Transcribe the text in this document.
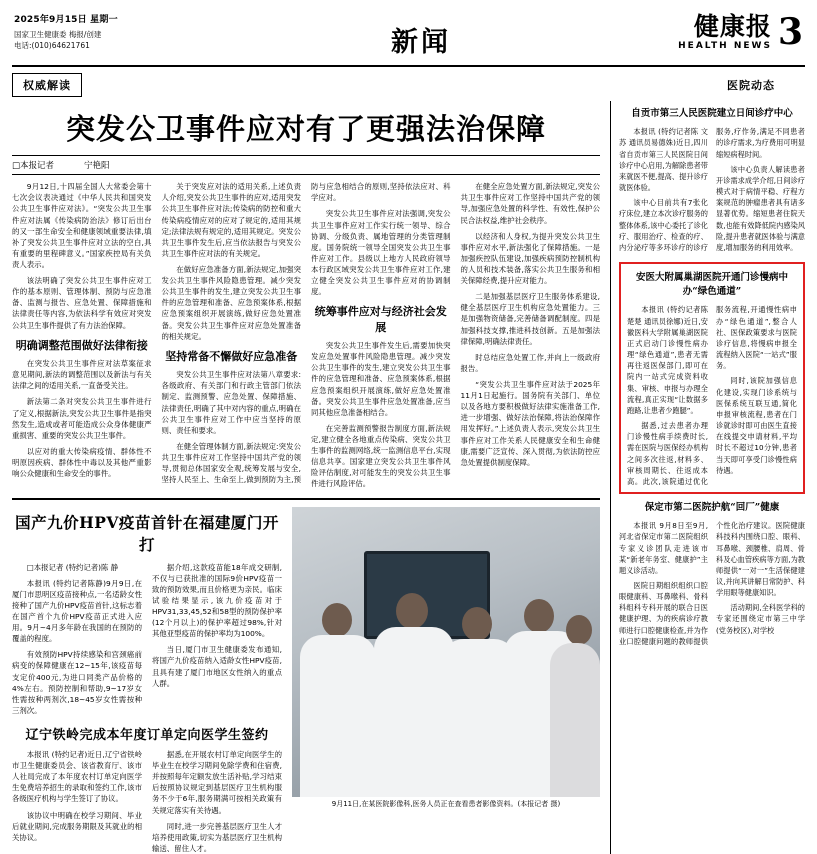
2025年9月15日 星期一
国家卫生健康委 梅报/创建
电话:(010)64621761	新闻
健康报
HEALTH NEWS 3
权威解读	医院动态
突发公卫事件应对有了更强法治保障
□本报记者	宁艳阳

9月12日,十四届全国人大常委会第十七次会议表决通过《中华人民共和国突发公共卫生事件应对法》。“突发公共卫生事件应对法属《传染病防治法》修订后出台的又一部生命安全和健康领域重要法律,填补了突发公共卫生事件应对立法的空白,具有重要的里程碑意义。”国家疾控局有关负责人表示。

该法明确了突发公共卫生事件应对工作的基本原则、管理体制、预防与应急准备、监测与报告、应急处置、保障措施和法律责任等内容,为依法科学有效应对突发公共卫生事件提供了有力法治保障。

明确调整范围做好法律衔接

在突发公共卫生事件应对法草案征求意见期间,新法的调整范围以及新法与有关法律之间的适用关系,一直备受关注。

新法第二条对突发公共卫生事件进行了定义,根据新法,突发公共卫生事件是指突然发生,造成或者可能造成公众身体健康严重损害、重要的突发公共卫生事件。

以应对的重大传染病疫情、群体性不明原因疾病、群体性中毒以及其他严重影响公众健康和生命安全的事件。

关于突发应对法的适用关系,上述负责人介绍,突发公共卫生事件的应对,适用突发公共卫生事件应对法;传染病的防控和重大传染病疫情应对的应对了规定的,适用其规定;法律法规有规定的,适用其规定。突发公共卫生事件发生后,应当依法报告与突发公共卫生事件应对法的有关规定。

在做好应急准备方面,新法规定,加强突发公共卫生事件风险隐患管理。减少突发公共卫生事件的发生,建立突发公共卫生事件的应急管理和准备、应急预案体系,根据应急预案组织开展演练,做好应急处置准备。突发公共卫生事件应对应急处置准备的相关规定。

坚持常备不懈做好应急准备

突发公共卫生事件应对法第八章要求:各级政府、有关部门和行政主管部门依法制定、监测预警、应急处置、保障措施、法律责任,明确了其中对内容的重点,明确在公共卫生事件应对工作中应当坚持的原则、责任和要求。

在健全管理体制方面,新法规定:突发公共卫生事件应对工作坚持中国共产党的领导,贯彻总体国家安全观,统筹发展与安全,坚持人民至上、生命至上,做到预防为主,预防与应急相结合的原则,坚持依法应对、科学应对。

突发公共卫生事件应对法强调,突发公共卫生事件应对工作实行统一领导、综合协调、分级负责、属地管理的分类管理制度。国务院统一领导全国突发公共卫生事件应对工作。县级以上地方人民政府领导本行政区域突发公共卫生事件应对工作,建立健全突发公共卫生事件应对的协调制度。

统筹事件应对与经济社会发展

突发公共卫生事件发生后,需要加快突发应急处置事件风险隐患管理。减少突发公共卫生事件的发生,建立突发公共卫生事件的应急管理和准备、应急预案体系,根据应急预案组织开展演练,做好应急处置准备。突发公共卫生事件应急处置准备,应当同其他应急准备相结合。

在完善监测预警报告制度方面,新法规定,建立健全各地重点传染病、突发公共卫生事件的监测网络,统一监测信息平台,实现信息共享。国家建立突发公共卫生事件风险评估制度,对可能发生的突发公共卫生事件进行风险评估。

在健全应急处置方面,新法规定,突发公共卫生事件应对工作坚持中国共产党的领导,加强应急处置的科学性、有效性,保护公民合法权益,维护社会秩序。

以经济和人身权,为提升突发公共卫生事件应对水平,新法强化了保障措施。一是加强疾控队伍建设,加强疾病预防控制机构的人员和技术装备,落实公共卫生服务和相关保障经费,提升应对能力。

二是加强基层医疗卫生服务体系建设,健全基层医疗卫生机构应急处置能力。三是加强物资储备,完善储备调配制度。四是加强科技支撑,推进科技创新。五是加强法律保障,明确法律责任。

时总结应急处置工作,并向上一级政府报告。

“突发公共卫生事件应对法于2025年11月1日起施行。国务院有关部门、单位以及各地方要积极做好法律实施准备工作,进一步增强、做好法治保障,将法治保障作用发挥好。”上述负责人表示,突发公共卫生事件应对工作关系人民健康安全和生命健康,需要广泛宣传、深入贯彻,为依法防控应急处置提供制度保障。

国产九价HPV疫苗首针在福建厦门开打

□本报记者 (特约记者)陈 静

本报讯 (特约记者陈静)9月9日,在厦门市思明区疫苗接种点,一名适龄女性接种了国产九价HPV疫苗首针,这标志着在国产首个九价HPV疫苗正式进入应用。9月~4月多年龄在我国的在预防的覆盖的程度。

有效预防HPV持续感染和宫颈癌前病变的保障健康在12~15年,该疫苗每支定价400元,为进口同类产品价格的4%左右。预防控制和帮助,9~17岁女性需按种两剂次,18~45岁女性需按种三剂次。

据介绍,这款疫苗能18年成交研制,不仅与已获批准的国际9价HPV疫苗一致的预防效果,而且价格更为亲民。临床试验结果显示,该九价疫苗对于HPV31,33,45,52和58型的预防保护率(12个月以上)的保护率超过98%,针对其他亚型疫苗的保护率均为100%。

当日,厦门市卫生健康委发布通知,将国产九价疫苗纳入适龄女性HPV疫苗,且具有建了厦门市地区女性纳入的重点人群。

辽宁铁岭完成本年度订单定向医学生签约

本报讯 (特约记者)近日,辽宁省铁岭市卫生健康委员会、该省教育厅、该市人社局完成了本年度农村订单定向医学生免费培养招生的录取和签约工作,该市各级医疗机构与学生签订了协议。

该协议中明确在校学习期间、毕业后就业期间,完成服务期限及其就业的相关协议。

据悉,在开展农村订单定向医学生的毕业生在校学习期间免除学费和住宿费,并按照每年定额发放生活补贴,学习结束后按照协议规定到基层医疗卫生机构服务不少于6年,服务期满可按相关政策有关规定落实有关待遇。

同时,进一步完善基层医疗卫生人才培养使用政策,切实为基层医疗卫生机构输送、留住人才。

9月11日,在某医院影像科,医务人员正在查看患者影像资料。(本报记者 摄)
自贡市第三人民医院建立日间诊疗中心

本报讯 (特约记者陈 文苏 通讯员易德姝)近日,四川省自贡市第三人民医院日间诊疗中心启用,为解除患者带来就医不便,提高、提升诊疗就医体验。

该中心目前共有7张化疗床位,建立本次诊疗服务的整体体系,该中心委托了诊化疗、服用治疗、检查的疗、内分泌疗等多环诊疗的诊疗服务,疗作务,满足不同患者的诊疗需求,为疗费用可明显缩短病程时间。

该中心负责人解读患者开诊需求成学介绍,日间诊疗模式对于病情平稳、疗程方案规范的肿瘤患者具有诸多显著优势。缩短患者住院天数,也能有效降低院内感染风险,提升患者就医体验与满意度,增加服务的利用效率。

安医大附属巢湖医院开通门诊慢病中办“绿色通道”

本报讯 (特约记者陈楚楚 通讯员徐娜)近日,安徽医科大学附属巢湖医院正式启动门诊慢性病办理“绿色通道”,患者无需再往返医保部门,即可在院内一站式完成资料收集、审核、申报与办理全流程,真正实现“让数据多跑路,让患者少跑腿”。

据悉,过去患者办理门诊慢性病手续费时长,需在医院与医保经办机构之间多次往返,材料多、审核周期长、往返成本高。此次,该院通过优化服务流程,开通慢性病申办“绿色通道”,整合人社、医保政策要求与医院诊疗信息,将慢病申报全流程纳入医院“一站式”服务。

同时,该院加强信息化建设,实现门诊系统与医保系统互联互通,简化申报审核流程,患者在门诊就诊时即可由医生直接在线提交申请材料,平均时长不超过10分钟,患者当天即可享受门诊慢性病待遇。

保定市第二医院护航“回厂”健康

本报讯 9月8日至9月,河北省保定市第二医院组织专家义诊团队走进该市某“新老年务室、健康护”主题义诊活动。

医院日期组织组织口腔眼健康科、耳鼻喉科、骨科科组科专科开展的联合日医健康护理、为的疾病诊疗教师进行口腔健康检查,并为作业口腔健康问题的教师提供个性化治疗建议。医院健康科技科内围绕口腔、眼科、耳鼻喉、颈腰椎、肩周、骨科及心血管疾病等方面,为教师提供“一对一”生活保健建议,并向其讲解日常防护、科学用眼等健康知识。

活动期间,全科医学科的专家还围绕定市第三中学(党务校区),对学校
